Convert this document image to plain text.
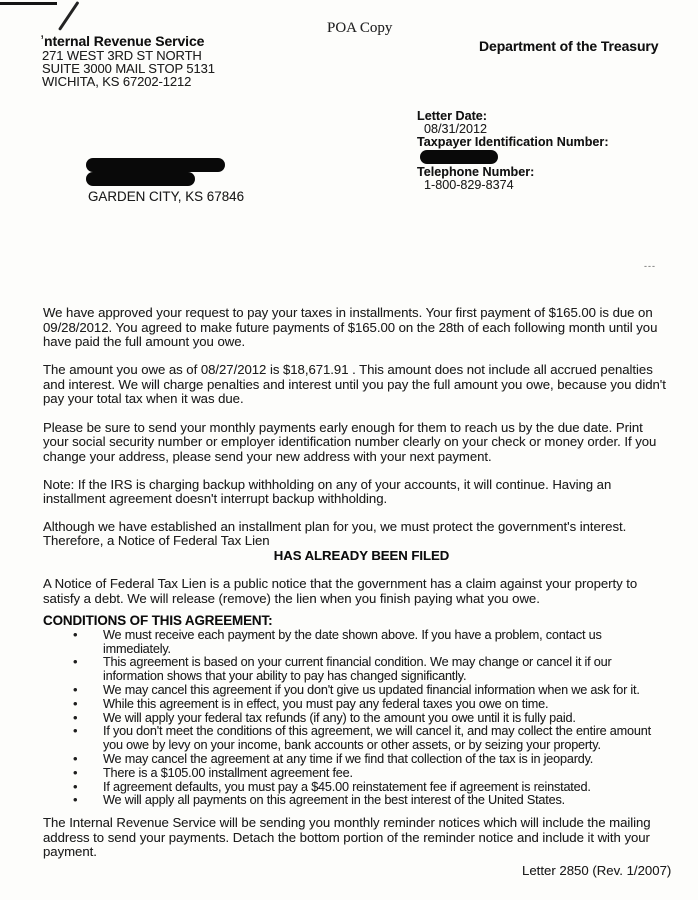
,	POA Copy
nternal Revenue Service
271 WEST 3RD ST NORTH
SUITE 3000 MAIL STOP 5131
WICHITA, KS 67202-1212
Department of the Treasury
Letter Date:
08/31/2012
Taxpayer Identification Number:
Telephone Number:
1-800-829-8374
GARDEN CITY, KS 67846
---

We have approved your request to pay your taxes in installments. Your first payment of $165.00 is due on 09/28/2012. You agreed to make future payments of $165.00 on the 28th of each following month until you have paid the full amount you owe.

The amount you owe as of 08/27/2012 is $18,671.91 . This amount does not include all accrued penalties and interest. We will charge penalties and interest until you pay the full amount you owe, because you didn't pay your total tax when it was due.

Please be sure to send your monthly payments early enough for them to reach us by the due date. Print your social security number or employer identification number clearly on your check or money order. If you change your address, please send your new address with your next payment.

Note: If the IRS is charging backup withholding on any of your accounts, it will continue. Having an installment agreement doesn't interrupt backup withholding.

Although we have established an installment plan for you, we must protect the government's interest.
Therefore, a Notice of Federal Tax Lien

HAS ALREADY BEEN FILED

A Notice of Federal Tax Lien is a public notice that the government has a claim against your property to satisfy a debt. We will release (remove) the lien when you finish paying what you owe.

CONDITIONS OF THIS AGREEMENT:
• We must receive each payment by the date shown above. If you have a problem, contact us immediately.
• This agreement is based on your current financial condition. We may change or cancel it if our information shows that your ability to pay has changed significantly.
• We may cancel this agreement if you don't give us updated financial information when we ask for it.
• While this agreement is in effect, you must pay any federal taxes you owe on time.
• We will apply your federal tax refunds (if any) to the amount you owe until it is fully paid.
• If you don't meet the conditions of this agreement, we will cancel it, and may collect the entire amount you owe by levy on your income, bank accounts or other assets, or by seizing your property.
• We may cancel the agreement at any time if we find that collection of the tax is in jeopardy.
• There is a $105.00 installment agreement fee.
• If agreement defaults, you must pay a $45.00 reinstatement fee if agreement is reinstated.
• We will apply all payments on this agreement in the best interest of the United States.

The Internal Revenue Service will be sending you monthly reminder notices which will include the mailing address to send your payments. Detach the bottom portion of the reminder notice and include it with your payment.

Letter 2850 (Rev. 1/2007)
